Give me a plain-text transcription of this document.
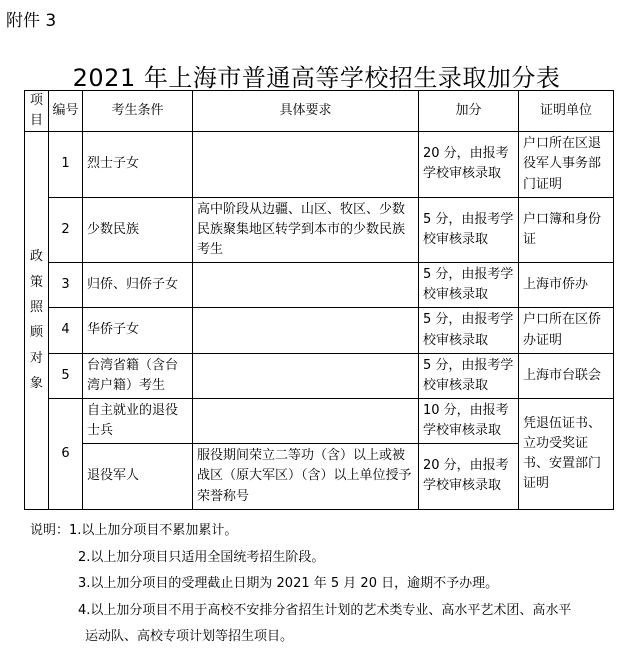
附件 3
2021 年上海市普通高等学校招生录取加分表
项目	编号	考生条件	具体要求	加分	证明单位
政策照顾对象	1	烈士子女		20 分，由报考学校审核录取	户口所在区退役军人事务部门证明
	2	少数民族	高中阶段从边疆、山区、牧区、少数民族聚集地区转学到本市的少数民族考生	5 分，由报考学校审核录取	户口簿和身份证
	3	归侨、归侨子女		5 分，由报考学校审核录取	上海市侨办
	4	华侨子女		5 分，由报考学校审核录取	户口所在区侨办证明
	5	台湾省籍（含台湾户籍）考生		5 分，由报考学校审核录取	上海市台联会
	6	自主就业的退役士兵		10 分，由报考学校审核录取	凭退伍证书、立功受奖证书、安置部门证明
		退役军人	服役期间荣立二等功（含）以上或被战区（原大军区）（含）以上单位授予荣誉称号	20 分，由报考学校审核录取	
说明：1.以上加分项目不累加累计。
2.以上加分项目只适用全国统考招生阶段。
3.以上加分项目的受理截止日期为 2021 年 5 月 20 日，逾期不予办理。
4.以上加分项目不用于高校不安排分省招生计划的艺术类专业、高水平艺术团、高水平
运动队、高校专项计划等招生项目。
